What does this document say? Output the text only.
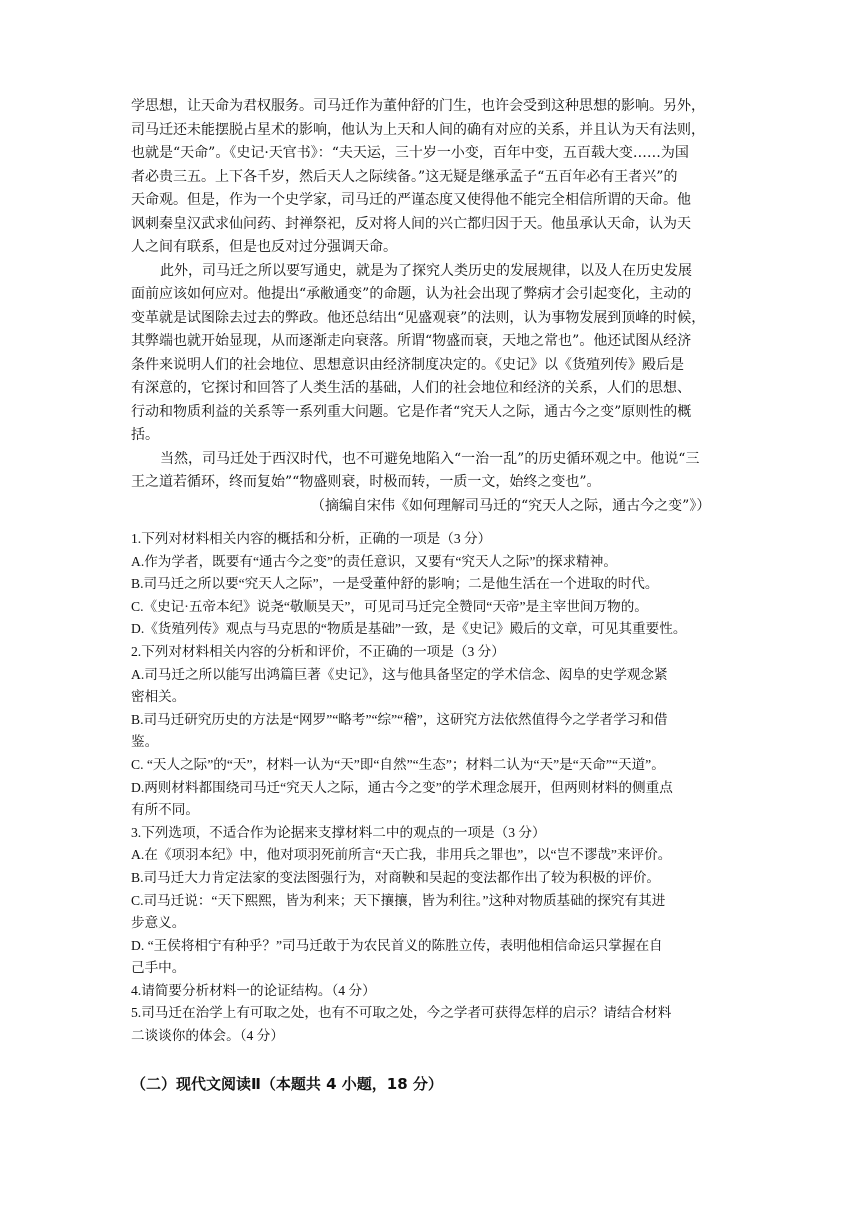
学思想，让天命为君权服务。司马迁作为董仲舒的门生，也许会受到这种思想的影响。另外，
司马迁还未能摆脱占星术的影响，他认为上天和人间的确有对应的关系，并且认为天有法则，
也就是“天命”。《史记·天官书》：“夫天运，三十岁一小变，百年中变，五百载大变……为国
者必贵三五。上下各千岁，然后天人之际续备。”这无疑是继承孟子“五百年必有王者兴”的
天命观。但是，作为一个史学家，司马迁的严谨态度又使得他不能完全相信所谓的天命。他
讽刺秦皇汉武求仙问药、封禅祭祀，反对将人间的兴亡都归因于天。他虽承认天命，认为天
人之间有联系，但是也反对过分强调天命。
此外，司马迁之所以要写通史，就是为了探究人类历史的发展规律，以及人在历史发展
面前应该如何应对。他提出“承敝通变”的命题，认为社会出现了弊病才会引起变化，主动的
变革就是试图除去过去的弊政。他还总结出“见盛观衰”的法则，认为事物发展到顶峰的时候，
其弊端也就开始显现，从而逐渐走向衰落。所谓“物盛而衰，天地之常也”。他还试图从经济
条件来说明人们的社会地位、思想意识由经济制度决定的。《史记》以《货殖列传》殿后是
有深意的，它探讨和回答了人类生活的基础，人们的社会地位和经济的关系，人们的思想、
行动和物质利益的关系等一系列重大问题。它是作者“究天人之际，通古今之变”原则性的概
括。
当然，司马迁处于西汉时代，也不可避免地陷入“一治一乱”的历史循环观之中。他说“三
王之道若循环，终而复始”“物盛则衰，时极而转，一质一文，始终之变也”。
（摘编自宋伟《如何理解司马迁的“究天人之际，通古今之变”》）
1.下列对材料相关内容的概括和分析，正确的一项是（3 分）
A.作为学者，既要有“通古今之变”的责任意识，又要有“究天人之际”的探求精神。
B.司马迁之所以要“究天人之际”，一是受董仲舒的影响；二是他生活在一个进取的时代。
C.《史记·五帝本纪》说尧“敬顺昊天”，可见司马迁完全赞同“天帝”是主宰世间万物的。
D.《货殖列传》观点与马克思的“物质是基础”一致，是《史记》殿后的文章，可见其重要性。
2.下列对材料相关内容的分析和评价，不正确的一项是（3 分）
A.司马迁之所以能写出鸿篇巨著《史记》，这与他具备坚定的学术信念、闳阜的史学观念紧
密相关。
B.司马迁研究历史的方法是“网罗”“略考”“综”“稽”，这研究方法依然值得今之学者学习和借
鉴。
C. “天人之际”的“天”，材料一认为“天”即“自然”“生态”；材料二认为“天”是“天命”“天道”。
D.两则材料都围绕司马迁“究天人之际，通古今之变”的学术理念展开，但两则材料的侧重点
有所不同。
3.下列选项，不适合作为论据来支撑材料二中的观点的一项是（3 分）
A.在《项羽本纪》中，他对项羽死前所言“天亡我，非用兵之罪也”，以“岂不谬哉”来评价。
B.司马迁大力肯定法家的变法图强行为，对商鞅和吴起的变法都作出了较为积极的评价。
C.司马迁说：“天下熙熙，皆为利来；天下攘攘，皆为利往。”这种对物质基础的探究有其进
步意义。
D. “王侯将相宁有种乎？”司马迁敢于为农民首义的陈胜立传，表明他相信命运只掌握在自
己手中。
4.请简要分析材料一的论证结构。（4 分）
5.司马迁在治学上有可取之处，也有不可取之处，今之学者可获得怎样的启示？请结合材料
二谈谈你的体会。（4 分）
（二）现代文阅读Ⅱ（本题共 4 小题，18 分）
